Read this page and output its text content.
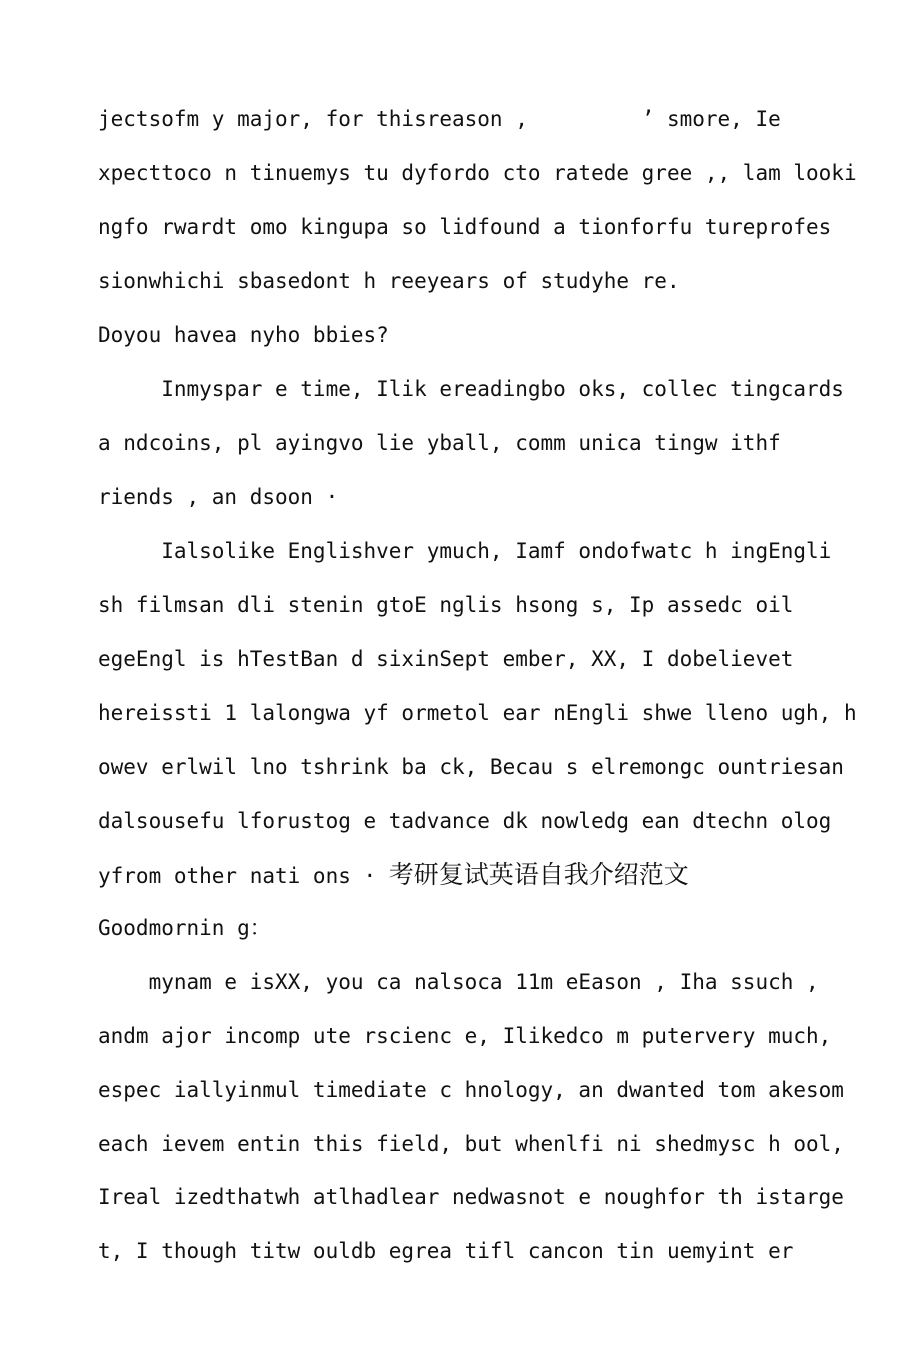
jectsofm y major, for thisreason ,         ’ smore, Ie
xpecttoco n tinuemys tu dyfordo cto ratede gree ,, lam looki
ngfo rwardt omo kingupa so lidfound a tionforfu tureprofes
sionwhichi sbasedont h reeyears of studyhe re.
Doyou havea nyho bbies?
Inmyspar e time, Ilik ereadingbo oks, collec tingcards
a ndcoins, pl ayingvo lie yball, comm unica tingw ithf
riends , an dsoon ·
Ialsolike Englishver ymuch, Iamf ondofwatc h ingEngli
sh filmsan dli stenin gtoE nglis hsong s, Ip assedc oil
egeEngl is hTestBan d sixinSept ember, XX, I dobelievet
hereissti 1 lalongwa yf ormetol ear nEngli shwe lleno ugh, h
owev erlwil lno tshrink ba ck, Becau s elremongc ountriesan
dalsousefu lforustog e tadvance dk nowledg ean dtechn olog
yfrom other nati ons · 考研复试英语自我介绍范文
Goodmornin g：
mynam e isXX, you ca nalsoca 11m eEason , Iha ssuch ,
andm ajor incomp ute rscienc e, Ilikedco m putervery much,
espec iallyinmul timediate c hnology, an dwanted tom akesom
each ievem entin this field, but whenlfi ni shedmysc h ool,
Ireal izedthatwh atlhadlear nedwasnot e noughfor th istarge
t, I though titw ouldb egrea tifl cancon tin uemyint er
